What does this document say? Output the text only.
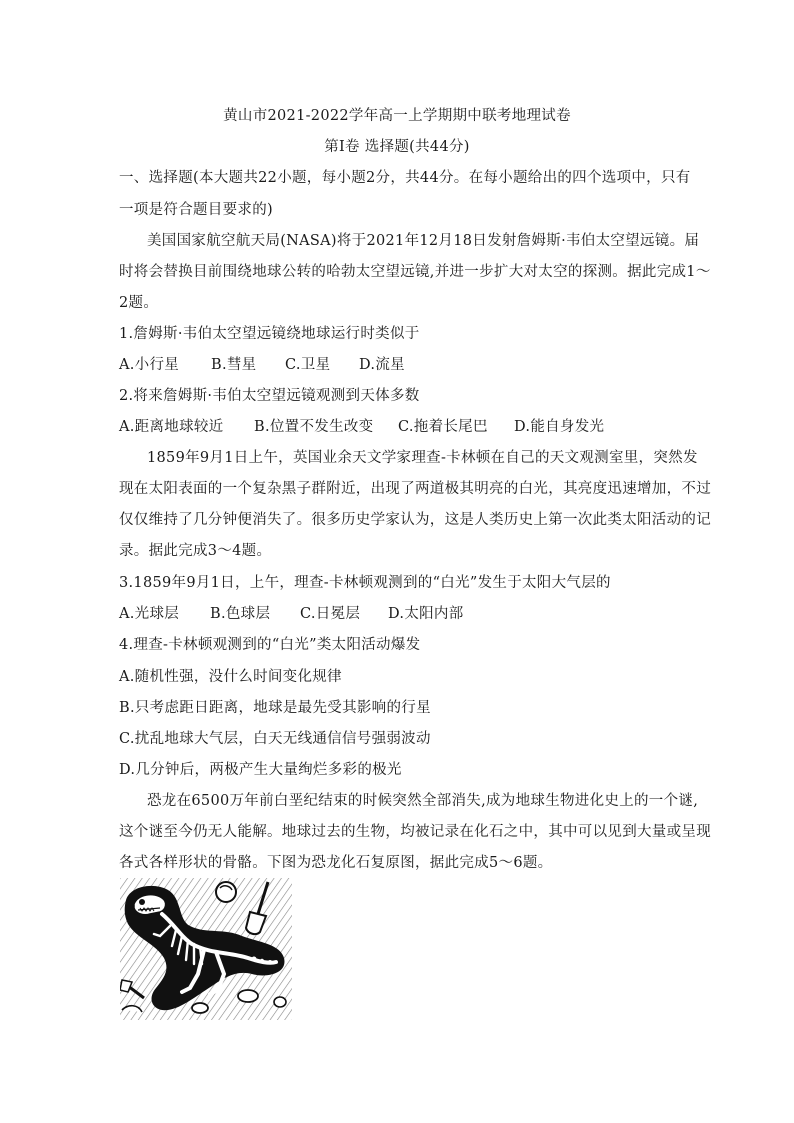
黄山市2021-2022学年高一上学期期中联考地理试卷
第Ⅰ卷 选择题(共44分)
一、选择题(本大题共22小题，每小题2分，共44分。在每小题给出的四个选项中，只有
一项是符合题目要求的)
美国国家航空航天局(NASA)将于2021年12月18日发射詹姆斯·韦伯太空望远镜。届
时将会替换目前围绕地球公转的哈勃太空望远镜,并进一步扩大对太空的探测。据此完成1～
2题。
1.詹姆斯·韦伯太空望远镜绕地球运行时类似于
A.小行星 B.彗星 C.卫星 D.流星
2.将来詹姆斯·韦伯太空望远镜观测到天体多数
A.距离地球较近 B.位置不发生改变 C.拖着长尾巴 D.能自身发光
1859年9月1日上午，英国业余天文学家理查-卡林顿在自己的天文观测室里，突然发
现在太阳表面的一个复杂黑子群附近，出现了两道极其明亮的白光，其亮度迅速增加，不过
仅仅维持了几分钟便消失了。很多历史学家认为，这是人类历史上第一次此类太阳活动的记
录。据此完成3～4题。
3.1859年9月1日，上午，理查-卡林顿观测到的“白光”发生于太阳大气层的
A.光球层 B.色球层 C.日冕层 D.太阳内部
4.理查-卡林顿观测到的“白光”类太阳活动爆发
A.随机性强，没什么时间变化规律
B.只考虑距日距离，地球是最先受其影响的行星
C.扰乱地球大气层，白天无线通信信号强弱波动
D.几分钟后，两极产生大量绚烂多彩的极光
恐龙在6500万年前白垩纪结束的时候突然全部消失,成为地球生物进化史上的一个谜,
这个谜至今仍无人能解。地球过去的生物，均被记录在化石之中，其中可以见到大量或呈现
各式各样形状的骨骼。下图为恐龙化石复原图，据此完成5～6题。
